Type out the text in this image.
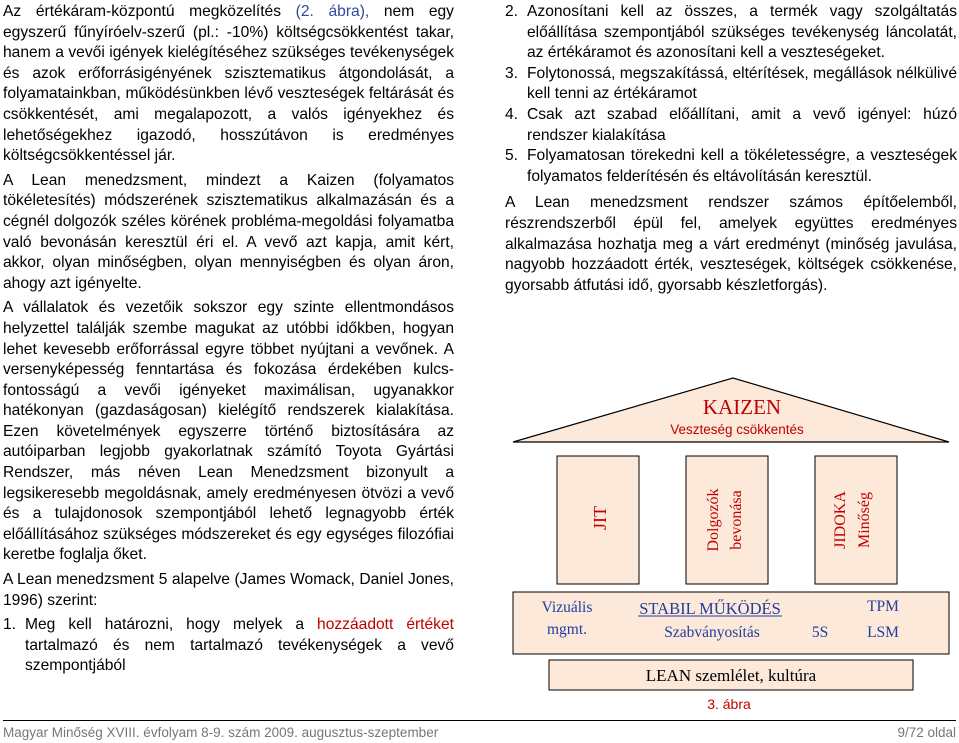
Az értékáram-központú megközelítés (2. ábra), nem egy egyszerű fűnyíróelv-szerű (pl.: -10%) költségcsökkentést takar, hanem a vevői igények kielégítéséhez szükséges tevékenységek és azok erőforrásigényének szisztematikus átgondolását, a folyamatainkban, működésünkben lévő veszteségek feltárását és csökkentését, ami megalapozott, a valós igényekhez és lehetőségekhez igazodó, hosszútávon is eredményes költségcsökkentéssel jár.

A Lean menedzsment, mindezt a Kaizen (folyamatos tökéletesítés) módszerének szisztematikus alkalmazásán és a cégnél dolgozók széles körének probléma-megoldási folyamatba való bevonásán keresztül éri el. A vevő azt kapja, amit kért, akkor, olyan minőségben, olyan mennyiségben és olyan áron, ahogy azt igényelte.

A vállalatok és vezetőik sokszor egy szinte ellentmondásos helyzettel találják szembe magukat az utóbbi időkben, hogyan lehet kevesebb erőforrással egyre többet nyújtani a vevőnek. A versenyképesség fenntartása és fokozása érdekében kulcs-fontosságú a vevői igényeket maximálisan, ugyanakkor hatékonyan (gazdaságosan) kielégítő rendszerek kialakítása. Ezen követelmények egyszerre történő biztosítására az autóiparban legjobb gyakorlatnak számító Toyota Gyártási Rendszer, más néven Lean Menedzsment bizonyult a legsikeresebb megoldásnak, amely eredményesen ötvözi a vevő és a tulajdonosok szempontjából lehető legnagyobb érték előállításához szükséges módszereket és egy egységes filozófiai keretbe foglalja őket.

A Lean menedzsment 5 alapelve (James Womack, Daniel Jones, 1996) szerint:

1. Meg kell határozni, hogy melyek a hozzáadott értéket tartalmazó és nem tartalmazó tevékenységek a vevő szempontjából
2. Azonosítani kell az összes, a termék vagy szolgáltatás előállítása szempontjából szükséges tevékenység láncolatát, az értékáramot és azonosítani kell a veszteségeket.
3. Folytonossá, megszakítássá, eltérítések, megállások nélkülivé kell tenni az értékáramot
4. Csak azt szabad előállítani, amit a vevő igényel: húzó rendszer kialakítása
5. Folyamatosan törekedni kell a tökéletességre, a veszteségek folyamatos felderítésén és eltávolításán keresztül.

A Lean menedzsment rendszer számos építőelemből, részrendszerből épül fel, amelyek együttes eredményes alkalmazása hozhatja meg a várt eredményt (minőség javulása, nagyobb hozzáadott érték, veszteségek, költségek csökkenése, gyorsabb átfutási idő, gyorsabb készletforgás).

KAIZEN
Veszteség csökkentés
JIT	Dolgozók bevonása	JIDOKA Minőség
Vizuális
mgmt.
STABIL MŰKÖDÉS
Szabványosítás	5S
TPM
LSM
LEAN szemlélet, kultúra
3. ábra
Magyar Minőség XVIII. évfolyam 8-9. szám 2009. augusztus-szeptember	9/72 oldal
